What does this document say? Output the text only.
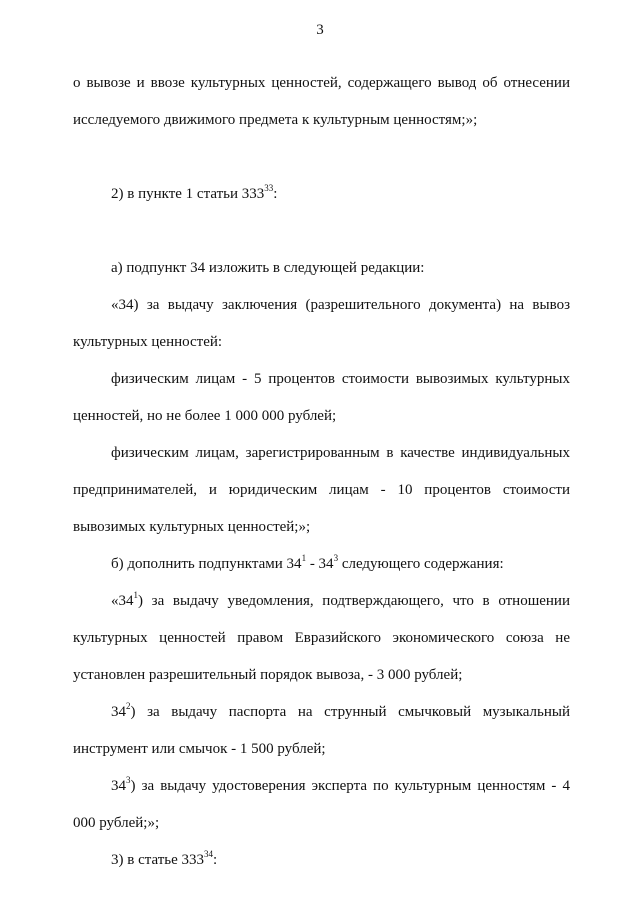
3

о вывозе и ввозе культурных ценностей, содержащего вывод об отнесении исследуемого движимого предмета к культурным ценностям;»;

2) в пункте 1 статьи $333^{33}$:

а) подпункт 34 изложить в следующей редакции:

«34) за выдачу заключения (разрешительного документа) на вывоз культурных ценностей:

физическим лицам - 5 процентов стоимости вывозимых культурных ценностей, но не более 1 000 000 рублей;

физическим лицам, зарегистрированным в качестве индивидуальных предпринимателей, и юридическим лицам - 10 процентов стоимости вывозимых культурных ценностей;»;

б) дополнить подпунктами $34^1 - 34^3$ следующего содержания:

«$34^1$) за выдачу уведомления, подтверждающего, что в отношении культурных ценностей правом Евразийского экономического союза не установлен разрешительный порядок вывоза, - 3 000 рублей;

$34^2$) за выдачу паспорта на струнный смычковый музыкальный инструмент или смычок - 1 500 рублей;

$34^3$) за выдачу удостоверения эксперта по культурным ценностям - 4 000 рублей;»;

3) в статье $333^{34}$:
